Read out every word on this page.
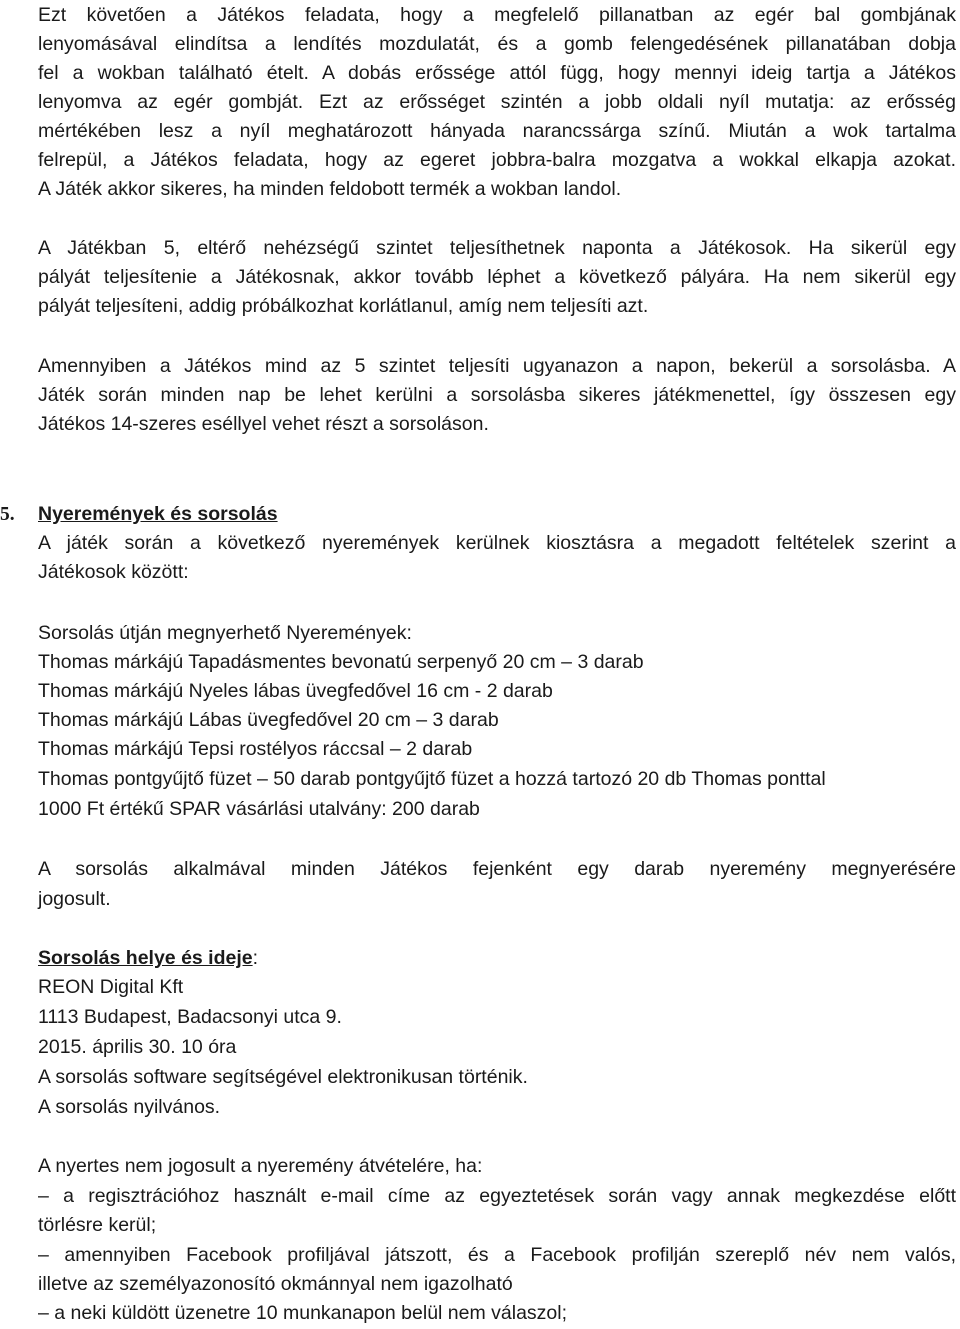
Ezt követően a Játékos feladata, hogy a megfelelő pillanatban az egér bal gombjának
lenyomásával elindítsa a lendítés mozdulatát, és a gomb felengedésének pillanatában dobja
fel a wokban található ételt. A dobás erőssége attól függ, hogy mennyi ideig tartja a Játékos
lenyomva az egér gombját. Ezt az erősséget szintén a jobb oldali nyíl mutatja: az erősség
mértékében lesz a nyíl meghatározott hányada narancssárga színű. Miután a wok tartalma
felrepül, a Játékos feladata, hogy az egeret jobbra-balra mozgatva a wokkal elkapja azokat.
A Játék akkor sikeres, ha minden feldobott termék a wokban landol.
A Játékban 5, eltérő nehézségű szintet teljesíthetnek naponta a Játékosok. Ha sikerül egy
pályát teljesítenie a Játékosnak, akkor tovább léphet a következő pályára. Ha nem sikerül egy
pályát teljesíteni, addig próbálkozhat korlátlanul, amíg nem teljesíti azt.
Amennyiben a Játékos mind az 5 szintet teljesíti ugyanazon a napon, bekerül a sorsolásba. A
Játék során minden nap be lehet kerülni a sorsolásba sikeres játékmenettel, így összesen egy
Játékos 14-szeres eséllyel vehet részt a sorsoláson.
5. Nyeremények és sorsolás
A játék során a következő nyeremények kerülnek kiosztásra a megadott feltételek szerint a
Játékosok között:
Sorsolás útján megnyerhető Nyeremények:
Thomas márkájú Tapadásmentes bevonatú serpenyő 20 cm – 3 darab
Thomas márkájú Nyeles lábas üvegfedővel 16 cm - 2 darab
Thomas márkájú Lábas üvegfedővel 20 cm – 3 darab
Thomas márkájú Tepsi rostélyos ráccsal – 2 darab
Thomas pontgyűjtő füzet – 50 darab pontgyűjtő füzet a hozzá tartozó 20 db Thomas ponttal
1000 Ft értékű SPAR vásárlási utalvány: 200 darab
A sorsolás alkalmával minden Játékos fejenként egy darab nyeremény megnyerésére
jogosult.
Sorsolás helye és ideje:
REON Digital Kft
1113 Budapest, Badacsonyi utca 9.
2015. április 30. 10 óra
A sorsolás software segítségével elektronikusan történik.
A sorsolás nyilvános.
A nyertes nem jogosult a nyeremény átvételére, ha:
– a regisztrációhoz használt e-mail címe az egyeztetések során vagy annak megkezdése előtt
törlésre kerül;
– amennyiben Facebook profiljával játszott, és a Facebook profilján szereplő név nem valós,
illetve az személyazonosító okmánnyal nem igazolható
– a neki küldött üzenetre 10 munkanapon belül nem válaszol;
